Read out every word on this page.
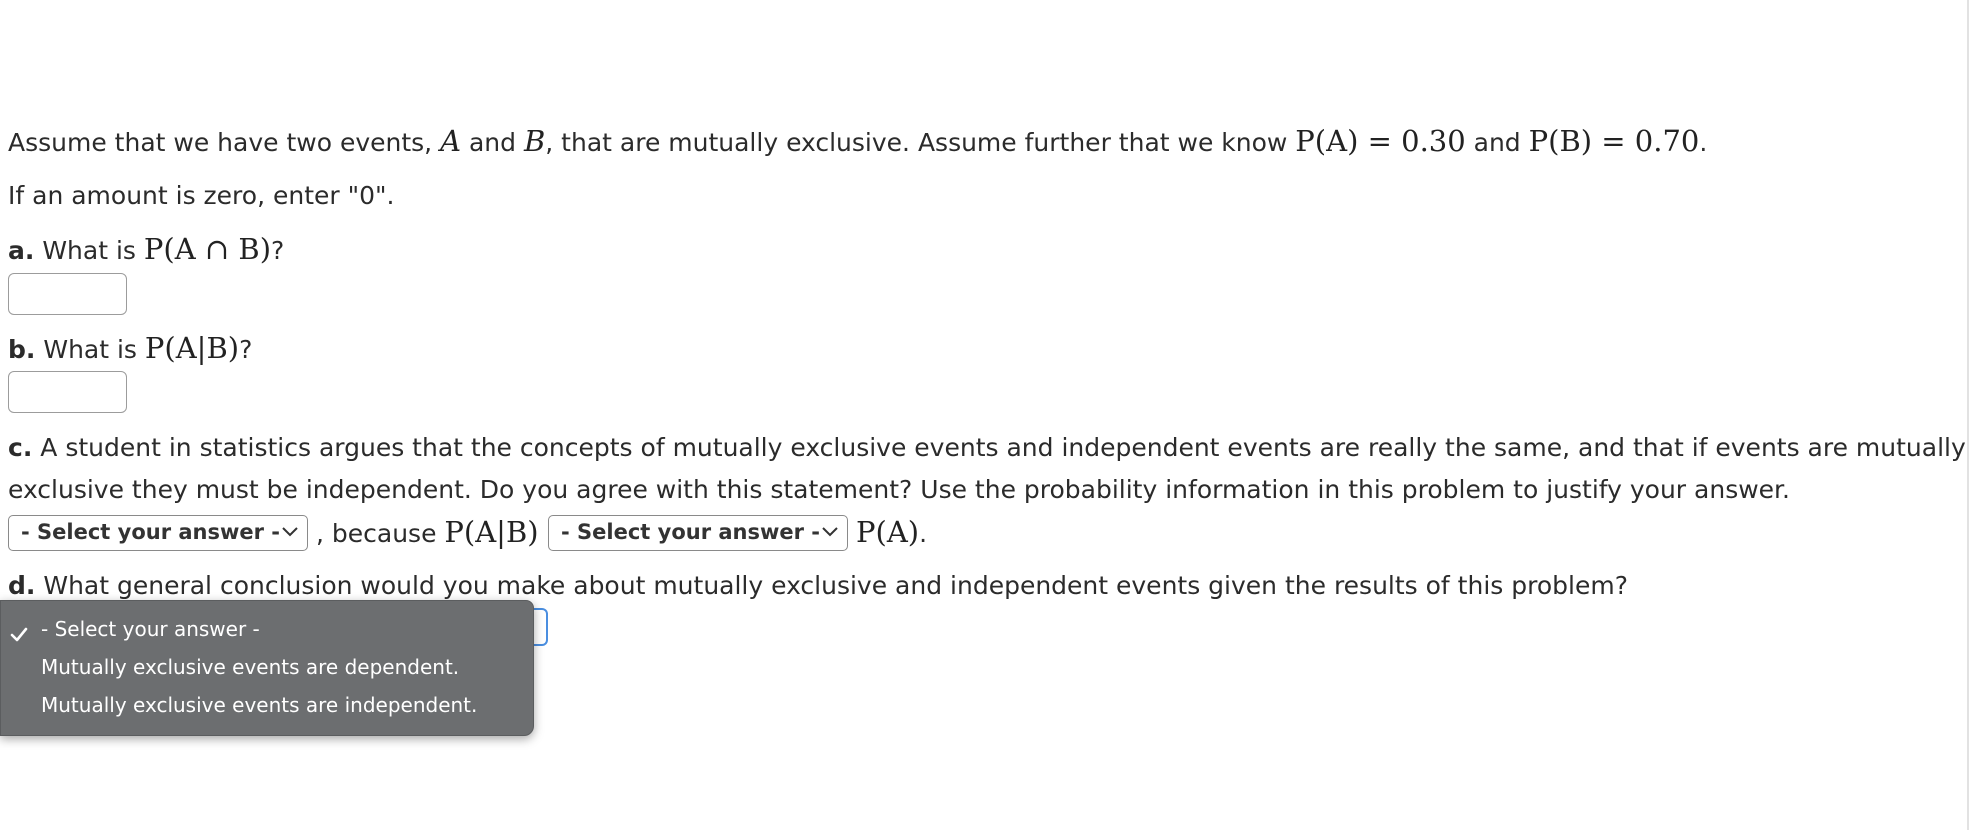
Assume that we have two events, A and B, that are mutually exclusive. Assume further that we know P(A) = 0.30 and P(B) = 0.70.
If an amount is zero, enter "0".
a. What is P(A ∩ B)?
b. What is P(A|B)?
c. A student in statistics argues that the concepts of mutually exclusive events and independent events are really the same, and that if events are mutually
exclusive they must be independent. Do you agree with this statement? Use the probability information in this problem to justify your answer.
- Select your answer -	, because P(A|B)	- Select your answer -	P(A).
d. What general conclusion would you make about mutually exclusive and independent events given the results of this problem?
- Select your answer -
Mutually exclusive events are dependent.
Mutually exclusive events are independent.
